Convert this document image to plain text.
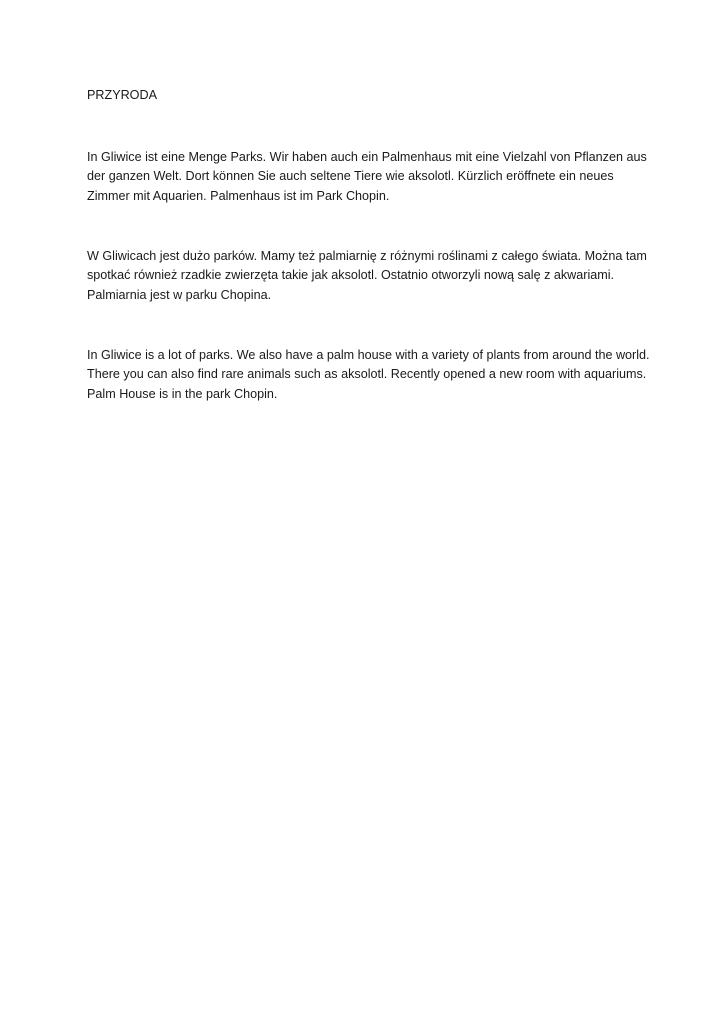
PRZYRODA
In Gliwice ist eine Menge Parks. Wir haben auch ein Palmenhaus mit eine Vielzahl von Pflanzen aus
der ganzen Welt. Dort können Sie auch seltene Tiere wie aksolotl. Kürzlich eröffnete ein neues
Zimmer mit Aquarien. Palmenhaus ist im Park Chopin.
W Gliwicach jest dużo parków. Mamy też palmiarnię z różnymi roślinami z całego świata. Można tam
spotkać również rzadkie zwierzęta takie jak aksolotl. Ostatnio otworzyli nową salę z akwariami.
Palmiarnia jest w parku Chopina.
In Gliwice is a lot of parks. We also have a palm house with a variety of plants from around the world.
There you can also find rare animals such as aksolotl. Recently opened a new room with aquariums.
Palm House is in the park Chopin.
